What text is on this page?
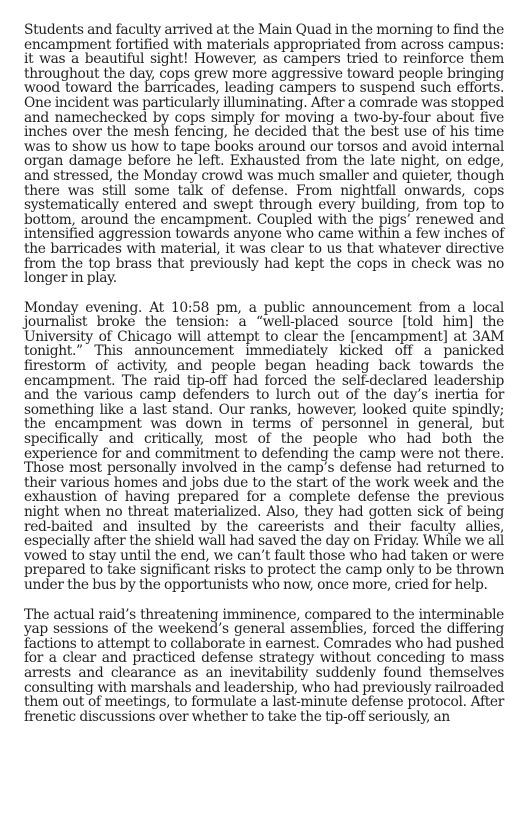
Students and faculty arrived at the Main Quad in the morning to find the encampment fortified with materials appropriated from across campus: it was a beautiful sight! However, as campers tried to reinforce them throughout the day, cops grew more aggressive toward people bringing wood toward the barricades, leading campers to suspend such efforts. One incident was particularly illuminating. After a comrade was stopped and namechecked by cops simply for moving a two-by-four about five inches over the mesh fencing, he decided that the best use of his time was to show us how to tape books around our torsos and avoid internal organ damage before he left. Exhausted from the late night, on edge, and stressed, the Monday crowd was much smaller and quieter, though there was still some talk of defense. From nightfall onwards, cops systematically entered and swept through every building, from top to bottom, around the encampment. Coupled with the pigs’ renewed and intensified aggression towards anyone who came within a few inches of the barricades with material, it was clear to us that whatever directive from the top brass that previously had kept the cops in check was no longer in play.

Monday evening. At 10:58 pm, a public announcement from a local journalist broke the tension: a “well-placed source [told him] the University of Chicago will attempt to clear the [encampment] at 3AM tonight.” This announcement immediately kicked off a panicked firestorm of activity, and people began heading back towards the encampment. The raid tip-off had forced the self-declared leadership and the various camp defenders to lurch out of the day’s inertia for something like a last stand. Our ranks, however, looked quite spindly; the encampment was down in terms of personnel in general, but specifically and critically, most of the people who had both the experience for and commitment to defending the camp were not there. Those most personally involved in the camp’s defense had returned to their various homes and jobs due to the start of the work week and the exhaustion of having prepared for a complete defense the previous night when no threat materialized. Also, they had gotten sick of being red-baited and insulted by the careerists and their faculty allies, especially after the shield wall had saved the day on Friday. While we all vowed to stay until the end, we can’t fault those who had taken or were prepared to take significant risks to protect the camp only to be thrown under the bus by the opportunists who now, once more, cried for help.

The actual raid’s threatening imminence, compared to the interminable yap sessions of the weekend’s general assemblies, forced the differing factions to attempt to collaborate in earnest. Comrades who had pushed for a clear and practiced defense strategy without conceding to mass arrests and clearance as an inevitability suddenly found themselves consulting with marshals and leadership, who had previously railroaded them out of meetings, to formulate a last-minute defense protocol. After frenetic discussions over whether to take the tip-off seriously, an
